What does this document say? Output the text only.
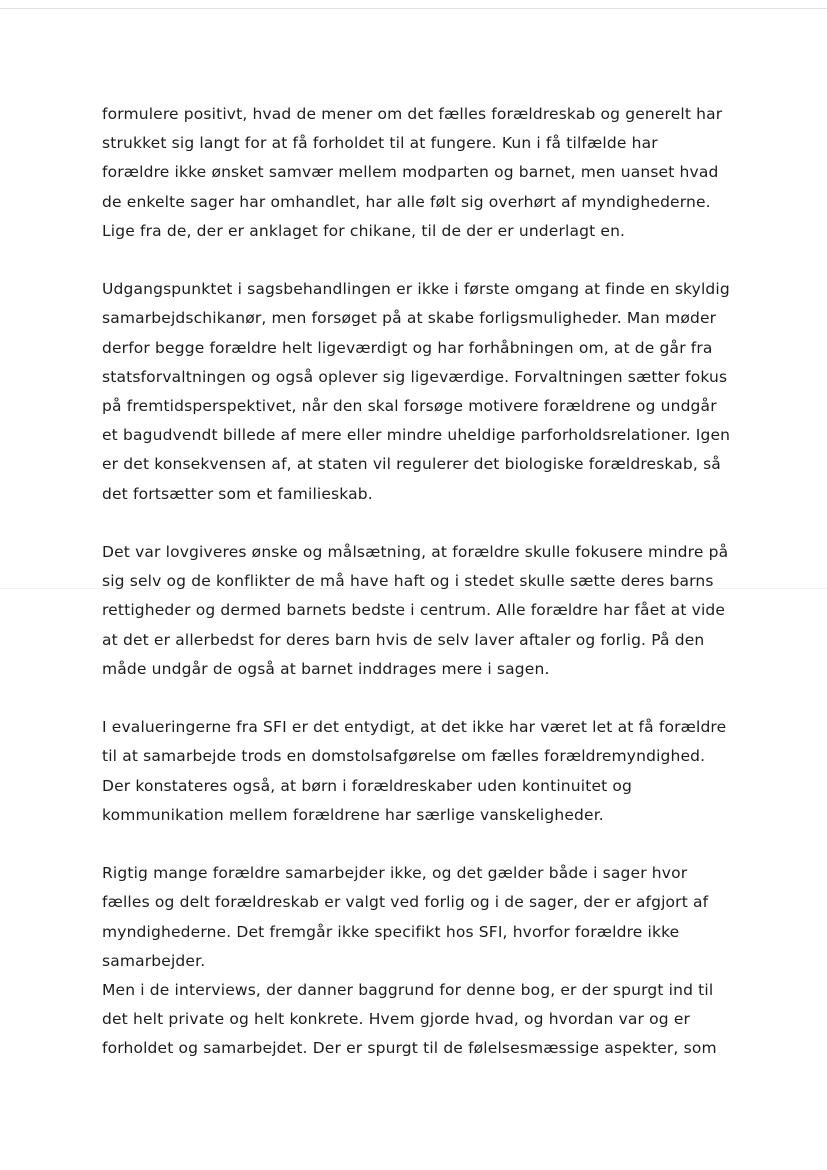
formulere positivt, hvad de mener om det fælles forældreskab og generelt har
strukket sig langt for at få forholdet til at fungere. Kun i få tilfælde har
forældre ikke ønsket samvær mellem modparten og barnet, men uanset hvad
de enkelte sager har omhandlet, har alle følt sig overhørt af myndighederne.
Lige fra de, der er anklaget for chikane, til de der er underlagt en.

Udgangspunktet i sagsbehandlingen er ikke i første omgang at finde en skyldig
samarbejdschikanør, men forsøget på at skabe forligsmuligheder. Man møder
derfor begge forældre helt ligeværdigt og har forhåbningen om, at de går fra
statsforvaltningen og også oplever sig ligeværdige. Forvaltningen sætter fokus
på fremtidsperspektivet, når den skal forsøge motivere forældrene og undgår
et bagudvendt billede af mere eller mindre uheldige parforholdsrelationer. Igen
er det konsekvensen af, at staten vil regulerer det biologiske forældreskab, så
det fortsætter som et familieskab.

Det var lovgiveres ønske og målsætning, at forældre skulle fokusere mindre på
sig selv og de konflikter de må have haft og i stedet skulle sætte deres barns
rettigheder og dermed barnets bedste i centrum. Alle forældre har fået at vide
at det er allerbedst for deres barn hvis de selv laver aftaler og forlig. På den
måde undgår de også at barnet inddrages mere i sagen.

I evalueringerne fra SFI er det entydigt, at det ikke har været let at få forældre
til at samarbejde trods en domstolsafgørelse om fælles forældremyndighed.
Der konstateres også, at børn i forældreskaber uden kontinuitet og
kommunikation mellem forældrene har særlige vanskeligheder.

Rigtig mange forældre samarbejder ikke, og det gælder både i sager hvor
fælles og delt forældreskab er valgt ved forlig og i de sager, der er afgjort af
myndighederne. Det fremgår ikke specifikt hos SFI, hvorfor forældre ikke
samarbejder.

Men i de interviews, der danner baggrund for denne bog, er der spurgt ind til
det helt private og helt konkrete. Hvem gjorde hvad, og hvordan var og er
forholdet og samarbejdet. Der er spurgt til de følelsesmæssige aspekter, som
